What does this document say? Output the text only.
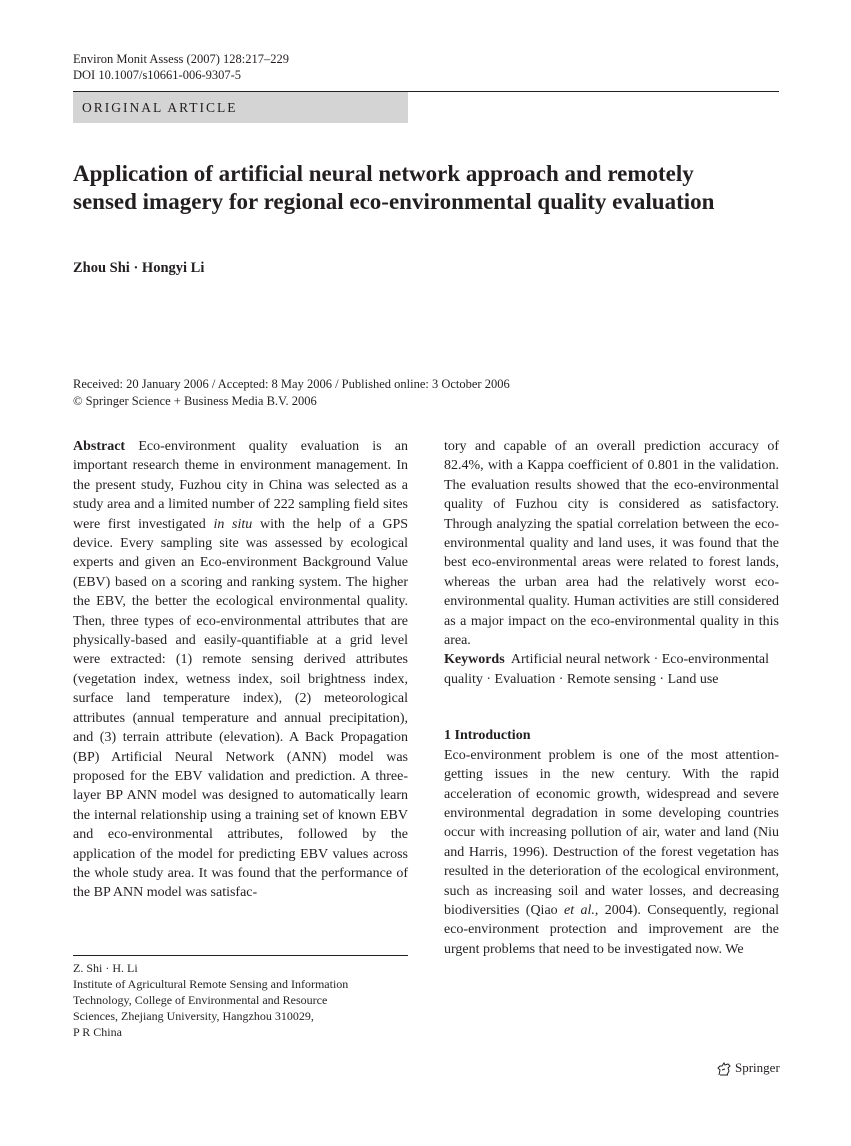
Environ Monit Assess (2007) 128:217–229
DOI 10.1007/s10661-006-9307-5
ORIGINAL ARTICLE
Application of artificial neural network approach and remotely sensed imagery for regional eco-environmental quality evaluation
Zhou Shi · Hongyi Li
Received: 20 January 2006 / Accepted: 8 May 2006 / Published online: 3 October 2006
© Springer Science + Business Media B.V. 2006

Abstract Eco-environment quality evaluation is an important research theme in environment management. In the present study, Fuzhou city in China was selected as a study area and a limited number of 222 sampling field sites were first investigated in situ with the help of a GPS device. Every sampling site was assessed by ecological experts and given an Eco-environment Background Value (EBV) based on a scoring and ranking system. The higher the EBV, the better the ecological environmental quality. Then, three types of eco-environmental attributes that are physically-based and easily-quantifiable at a grid level were extracted: (1) remote sensing derived attributes (vegetation index, wetness index, soil brightness index, surface land temperature index), (2) meteorological attributes (annual temperature and annual precipitation), and (3) terrain attribute (elevation). A Back Propagation (BP) Artificial Neural Network (ANN) model was proposed for the EBV validation and prediction. A three-layer BP ANN model was designed to automatically learn the internal relationship using a training set of known EBV and eco-environmental attributes, followed by the application of the model for predicting EBV values across the whole study area. It was found that the performance of the BP ANN model was satisfac-

tory and capable of an overall prediction accuracy of 82.4%, with a Kappa coefficient of 0.801 in the validation. The evaluation results showed that the eco-environmental quality of Fuzhou city is considered as satisfactory. Through analyzing the spatial correlation between the eco-environmental quality and land uses, it was found that the best eco-environmental areas were related to forest lands, whereas the urban area had the relatively worst eco-environmental quality. Human activities are still considered as a major impact on the eco-environmental quality in this area.

Keywords Artificial neural network · Eco-environmental quality · Evaluation · Remote sensing · Land use

1 Introduction

Eco-environment problem is one of the most attention-getting issues in the new century. With the rapid acceleration of economic growth, widespread and severe environmental degradation in some developing countries occur with increasing pollution of air, water and land (Niu and Harris, 1996). Destruction of the forest vegetation has resulted in the deterioration of the ecological environment, such as increasing soil and water losses, and decreasing biodiversities (Qiao et al., 2004). Consequently, regional eco-environment protection and improvement are the urgent problems that need to be investigated now. We

Z. Shi · H. Li
Institute of Agricultural Remote Sensing and Information
Technology, College of Environmental and Resource
Sciences, Zhejiang University, Hangzhou 310029,
P R China
Springer
